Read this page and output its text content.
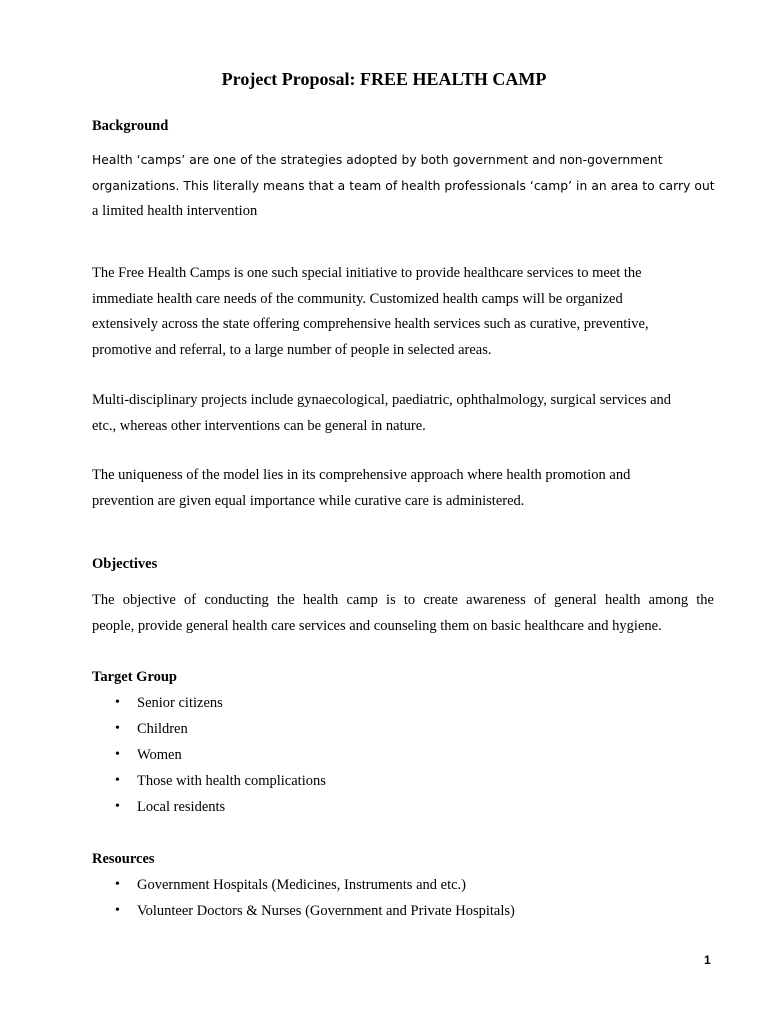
Project Proposal: FREE HEALTH CAMP
Background
Health ‘camps’ are one of the strategies adopted by both government and non-government
organizations. This literally means that a team of health professionals ‘camp’ in an area to carry out
a limited health intervention
The Free Health Camps is one such special initiative to provide healthcare services to meet the
immediate health care needs of the community. Customized health camps will be organized
extensively across the state offering comprehensive health services such as curative, preventive,
promotive and referral, to a large number of people in selected areas.
Multi-disciplinary projects include gynaecological, paediatric, ophthalmology, surgical services and
etc., whereas other interventions can be general in nature.
The uniqueness of the model lies in its comprehensive approach where health promotion and
prevention are given equal importance while curative care is administered.
Objectives
The objective of conducting the health camp is to create awareness of general health among the
people, provide general health care services and counseling them on basic healthcare and hygiene.
Target Group
• Senior citizens
• Children
• Women
• Those with health complications
• Local residents
Resources
• Government Hospitals (Medicines, Instruments and etc.)
• Volunteer Doctors & Nurses (Government and Private Hospitals)
1
